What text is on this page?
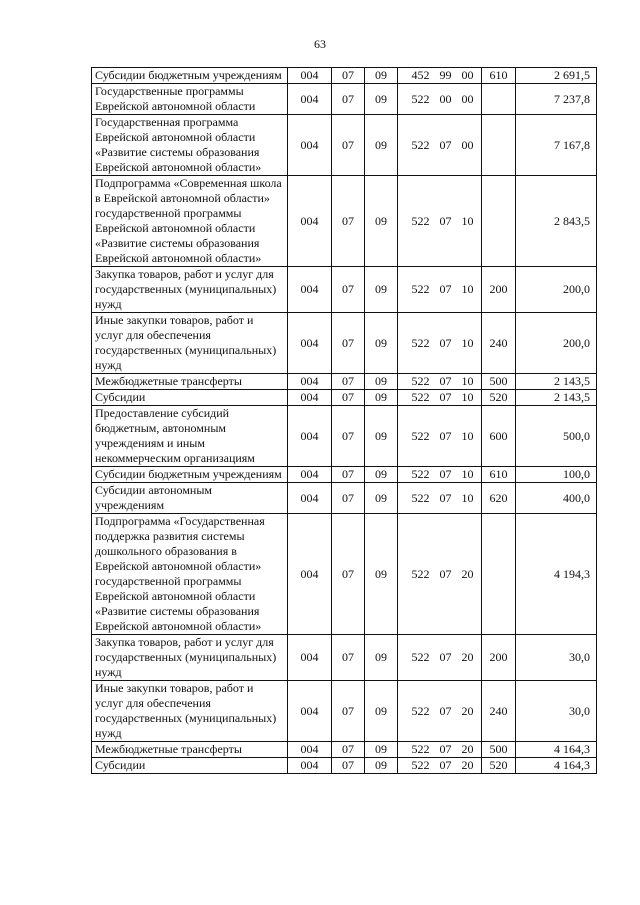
63
Субсидии бюджетным учреждениям	004	07	09	452	99	00	610	2 691,5
Государственные программы Еврейской автономной области	004	07	09	522	00	00		7 237,8
Государственная программа Еврейской автономной области «Развитие системы образования Еврейской автономной области»	004	07	09	522	07	00		7 167,8
Подпрограмма «Современная школа в Еврейской автономной области» государственной программы Еврейской автономной области «Развитие системы образования Еврейской автономной области»	004	07	09	522	07	10		2 843,5
Закупка товаров, работ и услуг для государственных (муниципальных) нужд	004	07	09	522	07	10	200	200,0
Иные закупки товаров, работ и услуг для обеспечения государственных (муниципальных) нужд	004	07	09	522	07	10	240	200,0
Межбюджетные трансферты	004	07	09	522	07	10	500	2 143,5
Субсидии	004	07	09	522	07	10	520	2 143,5
Предоставление субсидий бюджетным, автономным учреждениям и иным некоммерческим организациям	004	07	09	522	07	10	600	500,0
Субсидии бюджетным учреждениям	004	07	09	522	07	10	610	100,0
Субсидии автономным учреждениям	004	07	09	522	07	10	620	400,0
Подпрограмма «Государственная поддержка развития системы дошкольного образования в Еврейской автономной области» государственной программы Еврейской автономной области «Развитие системы образования Еврейской автономной области»	004	07	09	522	07	20		4 194,3
Закупка товаров, работ и услуг для государственных (муниципальных) нужд	004	07	09	522	07	20	200	30,0
Иные закупки товаров, работ и услуг для обеспечения государственных (муниципальных) нужд	004	07	09	522	07	20	240	30,0
Межбюджетные трансферты	004	07	09	522	07	20	500	4 164,3
Субсидии	004	07	09	522	07	20	520	4 164,3
